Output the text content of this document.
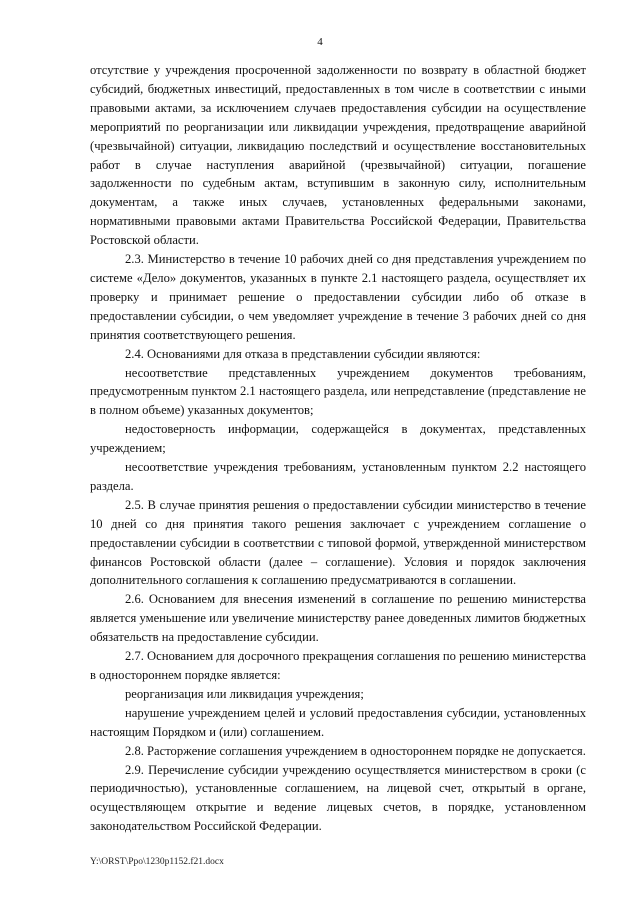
4

отсутствие у учреждения просроченной задолженности по возврату в областной бюджет субсидий, бюджетных инвестиций, предоставленных в том числе в соответствии с иными правовыми актами, за исключением случаев предоставления субсидии на осуществление мероприятий по реорганизации или ликвидации учреждения, предотвращение аварийной (чрезвычайной) ситуации, ликвидацию последствий и осуществление восстановительных работ в случае наступления аварийной (чрезвычайной) ситуации, погашение задолженности по судебным актам, вступившим в законную силу, исполнительным документам, а также иных случаев, установленных федеральными законами, нормативными правовыми актами Правительства Российской Федерации, Правительства Ростовской области.

2.3. Министерство в течение 10 рабочих дней со дня представления учреждением по системе «Дело» документов, указанных в пункте 2.1 настоящего раздела, осуществляет их проверку и принимает решение о предоставлении субсидии либо об отказе в предоставлении субсидии, о чем уведомляет учреждение в течение 3 рабочих дней со дня принятия соответствующего решения.

2.4. Основаниями для отказа в представлении субсидии являются:

несоответствие представленных учреждением документов требованиям, предусмотренным пунктом 2.1 настоящего раздела, или непредставление (представление не в полном объеме) указанных документов;

недостоверность информации, содержащейся в документах, представленных учреждением;

несоответствие учреждения требованиям, установленным пунктом 2.2 настоящего раздела.

2.5. В случае принятия решения о предоставлении субсидии министерство в течение 10 дней со дня принятия такого решения заключает с учреждением соглашение о предоставлении субсидии в соответствии с типовой формой, утвержденной министерством финансов Ростовской области (далее – соглашение). Условия и порядок заключения дополнительного соглашения к соглашению предусматриваются в соглашении.

2.6. Основанием для внесения изменений в соглашение по решению министерства является уменьшение или увеличение министерству ранее доведенных лимитов бюджетных обязательств на предоставление субсидии.

2.7. Основанием для досрочного прекращения соглашения по решению министерства в одностороннем порядке является:

реорганизация или ликвидация учреждения;

нарушение учреждением целей и условий предоставления субсидии, установленных настоящим Порядком и (или) соглашением.

2.8. Расторжение соглашения учреждением в одностороннем порядке не допускается.

2.9. Перечисление субсидии учреждению осуществляется министерством в сроки (с периодичностью), установленные соглашением, на лицевой счет, открытый в органе, осуществляющем открытие и ведение лицевых счетов, в порядке, установленном законодательством Российской Федерации.

Y:\ORST\Ppo\1230p1152.f21.docx
